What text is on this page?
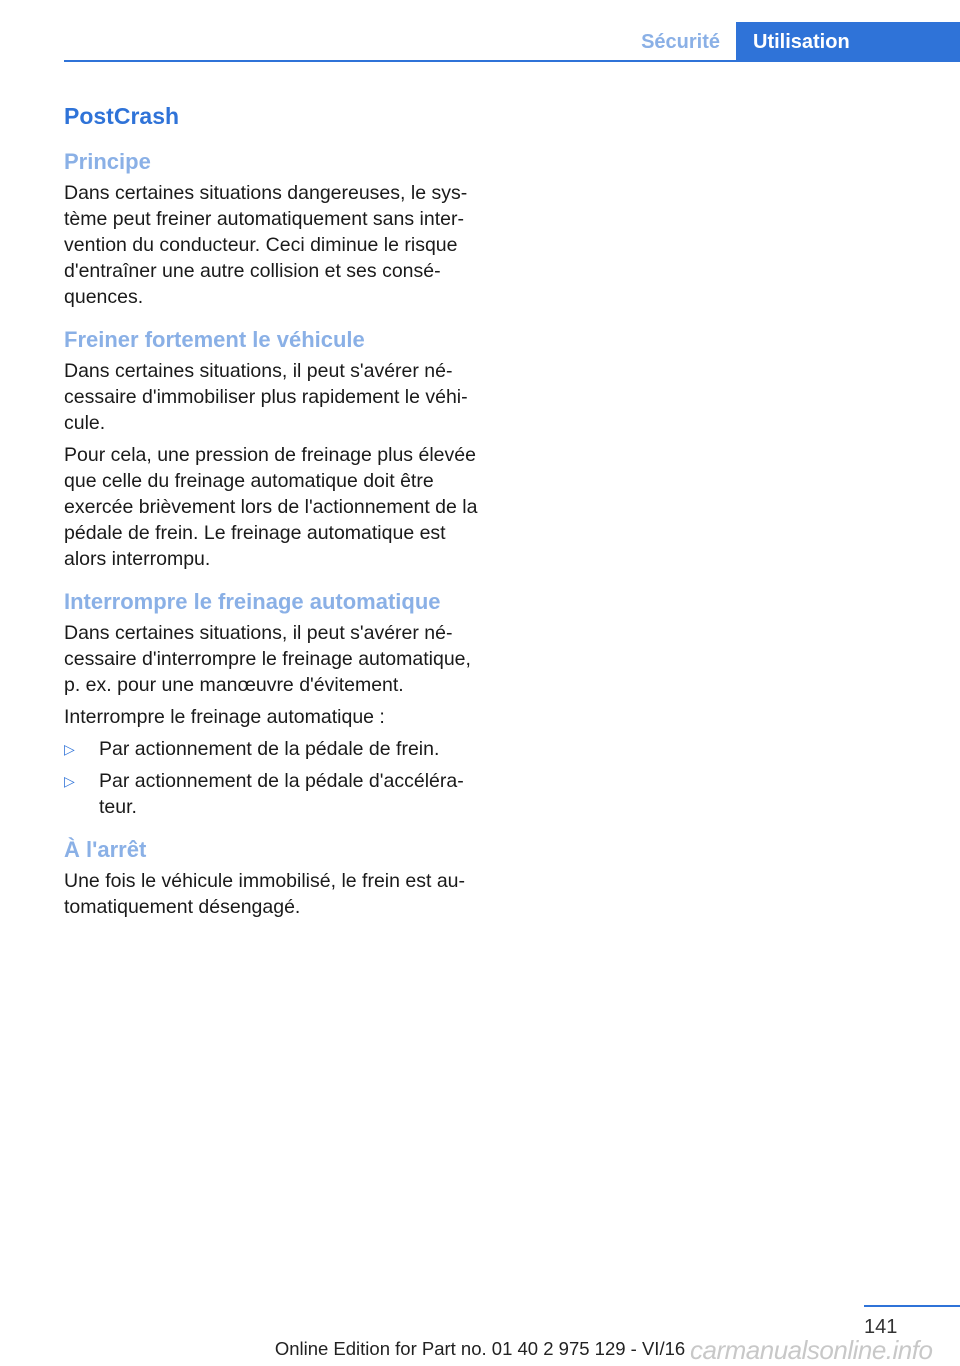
Sécurité	Utilisation
PostCrash
Principe

Dans certaines situations dangereuses, le système peut freiner automatiquement sans intervention du conducteur. Ceci diminue le risque d'entraîner une autre collision et ses conséquences.

Freiner fortement le véhicule

Dans certaines situations, il peut s'avérer nécessaire d'immobiliser plus rapidement le véhicule.

Pour cela, une pression de freinage plus élevée que celle du freinage automatique doit être exercée brièvement lors de l'actionnement de la pédale de frein. Le freinage automatique est alors interrompu.

Interrompre le freinage automatique

Dans certaines situations, il peut s'avérer nécessaire d'interrompre le freinage automatique, p. ex. pour une manœuvre d'évitement.

Interrompre le freinage automatique :

▷ Par actionnement de la pédale de frein.
▷ Par actionnement de la pédale d'accélérateur.
À l'arrêt

Une fois le véhicule immobilisé, le frein est automatiquement désengagé.

141
Online Edition for Part no. 01 40 2 975 129 - VI/16 carmanualsonline.info
